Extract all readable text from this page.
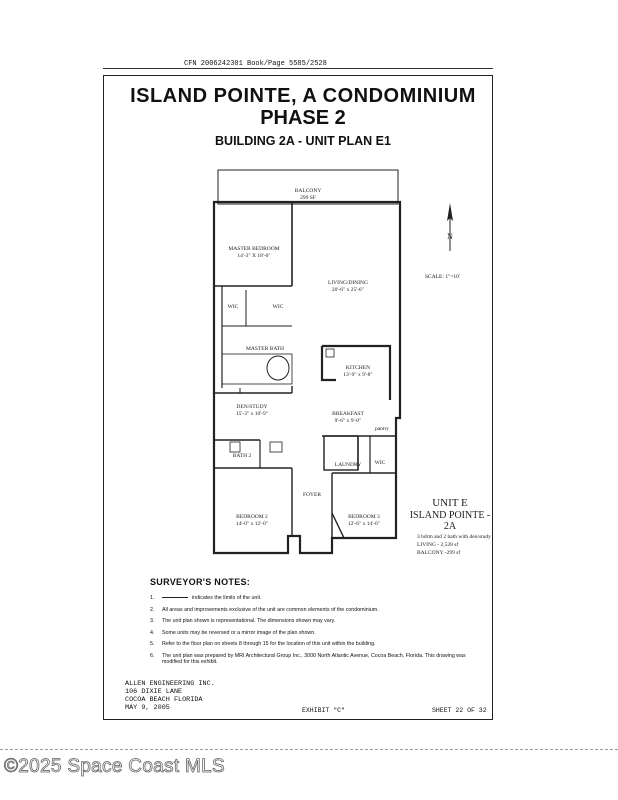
CFN 2006242301 Book/Page 5585/2528
ISLAND POINTE, A CONDOMINIUM
PHASE 2
BUILDING 2A - UNIT PLAN E1
N
SCALE: 1"=10'
BALCONY
299 SF
MASTER BEDROOM
14'-3" X 18'-0"
LIVING/DINING
20'-6" x 25'-6"
WIC	WIC
MASTER BATH
KITCHEN
13'-9" x 9'-8"
DEN/STUDY
15'-3" x 10'-9"	BREAKFAST
9'-6" x 9'-0"
pantry
BATH 2
LAUNDRY WIC
FOYER
BEDROOM 2
14'-0" x 12'-0"
BEDROOM 3
12'-6" x 14'-6"
UNIT E
ISLAND POINTE - 2A
3 bdrm and 2 bath with den/study
LIVING - 2,528 sf
BALCONY -299 sf
SURVEYOR'S NOTES:
1.	indicates the limits of the unit.
2.	All areas and improvements exclusive of the unit are common elements of the condominium.
3.	The unit plan shown is representational. The dimensions shown may vary.
4.	Some units may be reversed or a mirror image of the plan shown.
5.	Refer to the floor plan on sheets 8 through 15 for the location of this unit within the building.
6.	The unit plan was prepared by MRI Architectural Group Inc., 3000 North Atlantic Avenue, Cocoa Beach, Florida. This drawing was modified for this exhibit.
ALLEN ENGINEERING INC.
106 DIXIE LANE
COCOA BEACH FLORIDA
MAY 9, 2005	EXHIBIT "C"	SHEET 22 OF 32
©2025 Space Coast MLS
